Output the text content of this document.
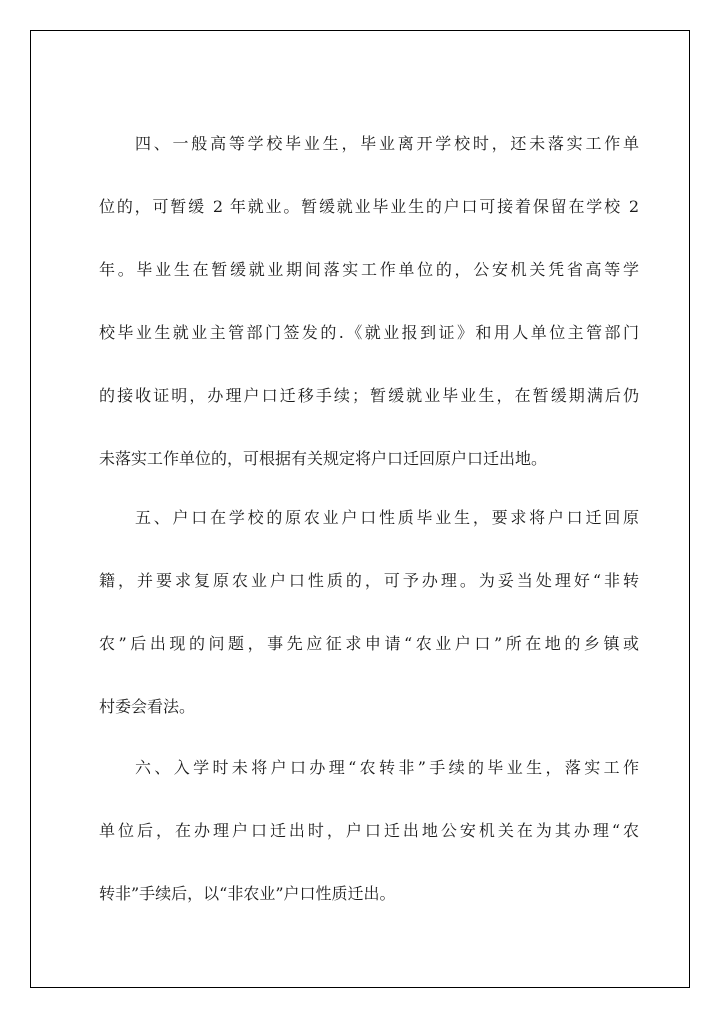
四、一般高等学校毕业生，毕业离开学校时，还未落实工作单
位的，可暂缓 2 年就业。暂缓就业毕业生的户口可接着保留在学校 2
年。毕业生在暂缓就业期间落实工作单位的，公安机关凭省高等学
校毕业生就业主管部门签发的.《就业报到证》和用人单位主管部门
的接收证明，办理户口迁移手续；暂缓就业毕业生，在暂缓期满后仍
未落实工作单位的，可根据有关规定将户口迁回原户口迁出地。
五、户口在学校的原农业户口性质毕业生，要求将户口迁回原
籍，并要求复原农业户口性质的，可予办理。为妥当处理好“非转
农”后出现的问题，事先应征求申请“农业户口”所在地的乡镇或
村委会看法。
六、入学时未将户口办理“农转非”手续的毕业生，落实工作
单位后，在办理户口迁出时，户口迁出地公安机关在为其办理“农
转非”手续后，以“非农业”户口性质迁出。
